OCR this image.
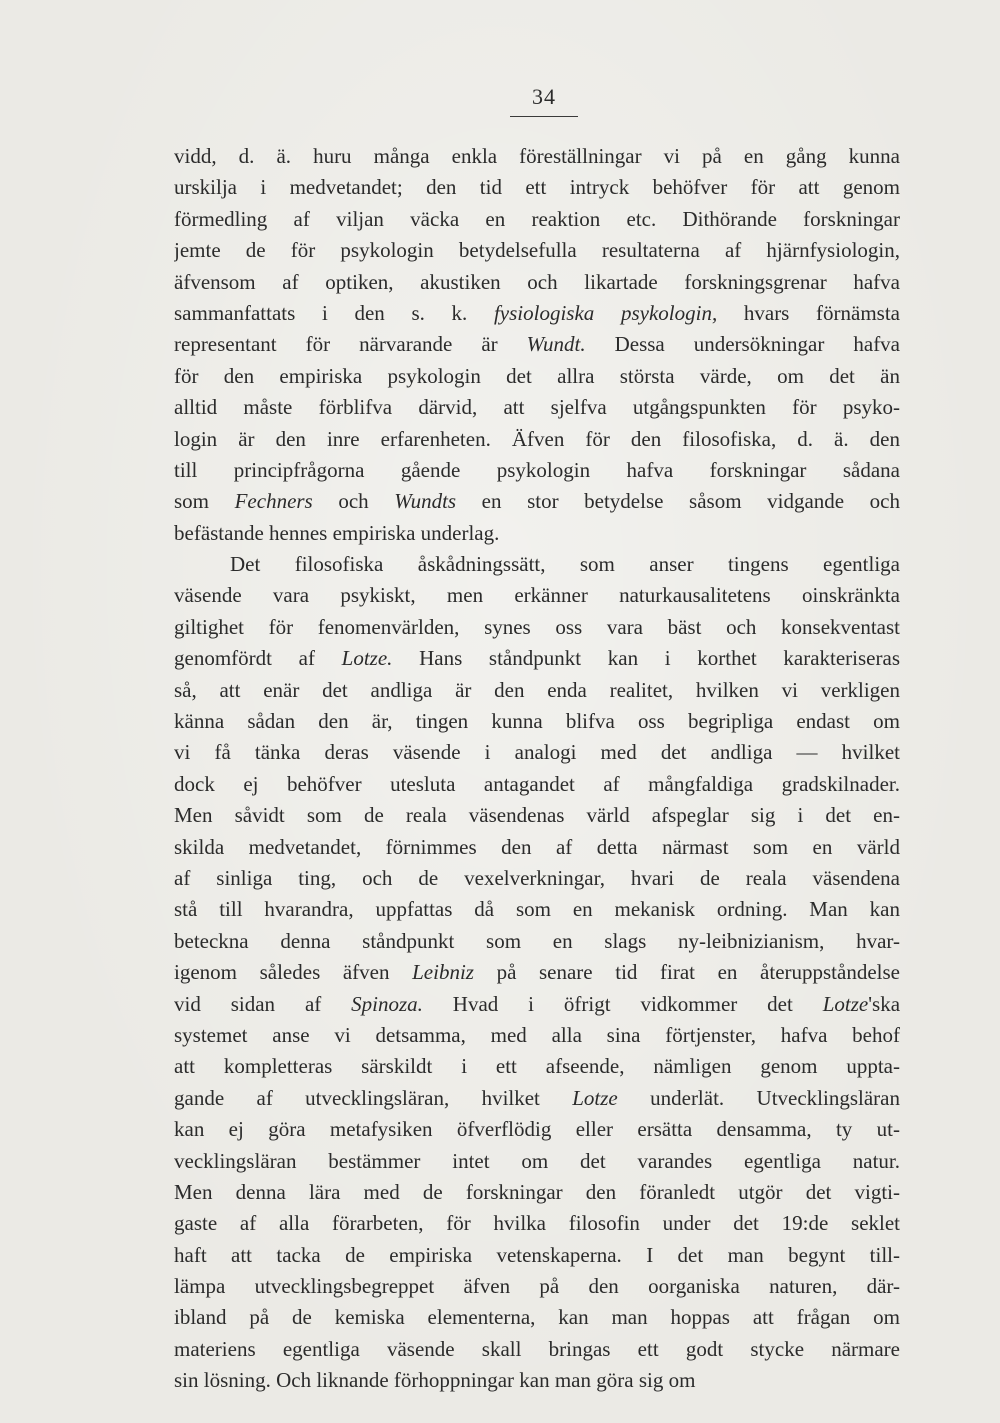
34
vidd, d. ä. huru många enkla föreställningar vi på en gång kunna
urskilja i medvetandet; den tid ett intryck behöfver för att genom
förmedling af viljan väcka en reaktion etc. Dithörande forskningar
jemte de för psykologin betydelsefulla resultaterna af hjärnfysiologin,
äfvensom af optiken, akustiken och likartade forskningsgrenar hafva
sammanfattats i den s. k. fysiologiska psykologin, hvars förnämsta
representant för närvarande är Wundt. Dessa undersökningar hafva
för den empiriska psykologin det allra största värde, om det än
alltid måste förblifva därvid, att sjelfva utgångspunkten för psyko-
login är den inre erfarenheten. Äfven för den filosofiska, d. ä. den
till principfrågorna gående psykologin hafva forskningar sådana
som Fechners och Wundts en stor betydelse såsom vidgande och
befästande hennes empiriska underlag.
Det filosofiska åskådningssätt, som anser tingens egentliga
väsende vara psykiskt, men erkänner naturkausalitetens oinskränkta
giltighet för fenomenvärlden, synes oss vara bäst och konsekventast
genomfördt af Lotze. Hans ståndpunkt kan i korthet karakteriseras
så, att enär det andliga är den enda realitet, hvilken vi verkligen
känna sådan den är, tingen kunna blifva oss begripliga endast om
vi få tänka deras väsende i analogi med det andliga — hvilket
dock ej behöfver utesluta antagandet af mångfaldiga gradskilnader.
Men såvidt som de reala väsendenas värld afspeglar sig i det en-
skilda medvetandet, förnimmes den af detta närmast som en värld
af sinliga ting, och de vexelverkningar, hvari de reala väsendena
stå till hvarandra, uppfattas då som en mekanisk ordning. Man kan
beteckna denna ståndpunkt som en slags ny-leibnizianism, hvar-
igenom således äfven Leibniz på senare tid firat en återuppståndelse
vid sidan af Spinoza. Hvad i öfrigt vidkommer det Lotze'ska
systemet anse vi detsamma, med alla sina förtjenster, hafva behof
att kompletteras särskildt i ett afseende, nämligen genom uppta-
gande af utvecklingsläran, hvilket Lotze underlät. Utvecklingsläran
kan ej göra metafysiken öfverflödig eller ersätta densamma, ty ut-
vecklingsläran bestämmer intet om det varandes egentliga natur.
Men denna lära med de forskningar den föranledt utgör det vigti-
gaste af alla förarbeten, för hvilka filosofin under det 19:de seklet
haft att tacka de empiriska vetenskaperna. I det man begynt till-
lämpa utvecklingsbegreppet äfven på den oorganiska naturen, där-
ibland på de kemiska elementerna, kan man hoppas att frågan om
materiens egentliga väsende skall bringas ett godt stycke närmare
sin lösning. Och liknande förhoppningar kan man göra sig om
